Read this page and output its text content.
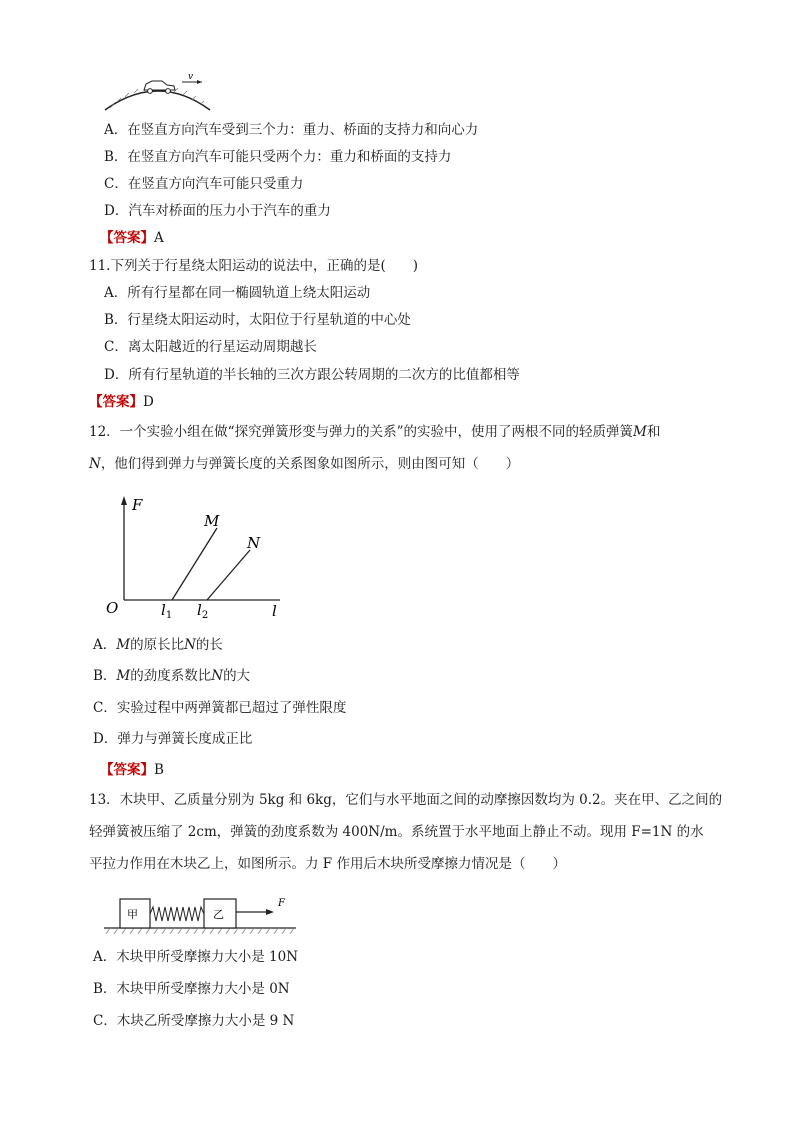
v
A．在竖直方向汽车受到三个力：重力、桥面的支持力和向心力
B．在竖直方向汽车可能只受两个力：重力和桥面的支持力
C．在竖直方向汽车可能只受重力
D．汽车对桥面的压力小于汽车的重力
【答案】A
11.下列关于行星绕太阳运动的说法中，正确的是(　　)
A．所有行星都在同一椭圆轨道上绕太阳运动
B．行星绕太阳运动时，太阳位于行星轨道的中心处
C．离太阳越近的行星运动周期越长
D．所有行星轨道的半长轴的三次方跟公转周期的二次方的比值都相等
【答案】D
12．一个实验小组在做“探究弹簧形变与弹力的关系”的实验中，使用了两根不同的轻质弹簧M和
N，他们得到弹力与弹簧长度的关系图象如图所示，则由图可知（　　）
F
M
N
O	$l_1$ $l_2$	l
A．M的原长比N的长
B．M的劲度系数比N的大
C．实验过程中两弹簧都已超过了弹性限度
D．弹力与弹簧长度成正比
【答案】B
13．木块甲、乙质量分别为 5kg 和 6kg，它们与水平地面之间的动摩擦因数均为 0.2。夹在甲、乙之间的
轻弹簧被压缩了 2cm，弹簧的劲度系数为 400N/m。系统置于水平地面上静止不动。现用 F=1N 的水
平拉力作用在木块乙上，如图所示。力 F 作用后木块所受摩擦力情况是（　　）
甲	乙
F
A．木块甲所受摩擦力大小是 10N
B．木块甲所受摩擦力大小是 0N
C．木块乙所受摩擦力大小是 9 N
